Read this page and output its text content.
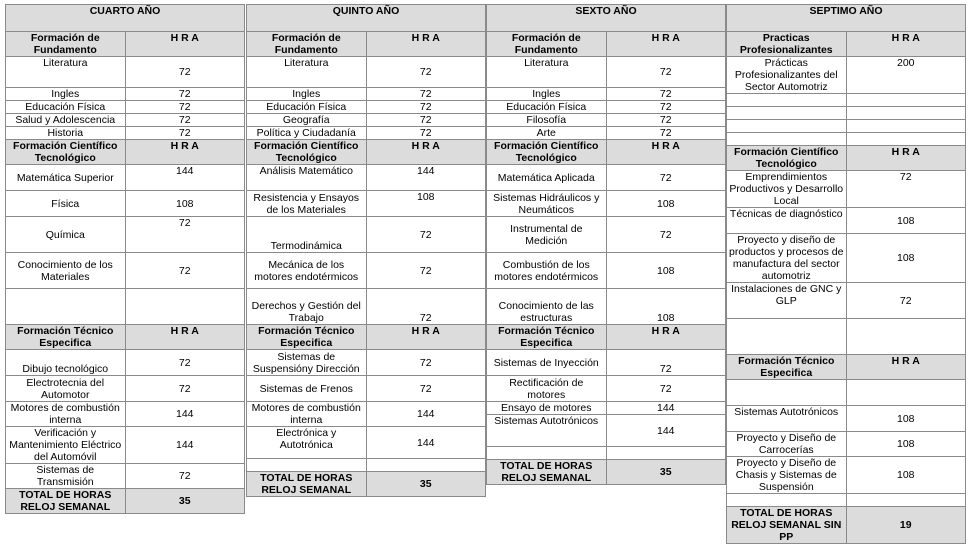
CUARTO AÑO	
Formación de Fundamento	H R A
Literatura	72
Ingles	72
Educación Física	72
Salud y Adolescencia	72
Historia	72
Formación Científico Tecnológico	H R A
Matemática Superior	144
Física	108
Química	72
Conocimiento de los Materiales	72

Formación Técnico Especifica	H R A
Dibujo tecnológico	72
Electrotecnia del Automotor	72
Motores de combustión interna	144
Verificación y Mantenimiento Eléctrico del Automóvil	144
Sistemas de Transmisión	72
TOTAL DE HORAS RELOJ SEMANAL	35
QUINTO AÑO	
Formación de Fundamento	H R A
Literatura	72
Ingles	72
Educación Física	72
Geografía	72
Política y Ciudadanía	72
Formación Científico Tecnológico	H R A
Análisis Matemático	144
Resistencia y Ensayos de los Materiales	108
Termodinámica	72
Mecánica de los motores endotérmicos	72
Derechos y Gestión del Trabajo	72
Formación Técnico Especifica	H R A
Sistemas de Suspensióny Dirección	72
Sistemas de Frenos	72
Motores de combustión interna	144
Electrónica y Autotrónica	144

TOTAL DE HORAS RELOJ SEMANAL	35
SEXTO AÑO	
Formación de Fundamento	H R A
Literatura	72
Ingles	72
Educación Física	72
Filosofía	72
Arte	72
Formación Científico Tecnológico	H R A
Matemática Aplicada	72
Sistemas Hidráulicos y Neumáticos	108
Instrumental de Medición	72
Combustión de los motores endotérmicos	108
Conocimiento de las estructuras	108
Formación Técnico Especifica	H R A
Sistemas de Inyección	72
Rectificación de motores	72
Ensayo de motores	144
Sistemas Autotrónicos	144

TOTAL DE HORAS RELOJ SEMANAL	35
SEPTIMO AÑO	
Practicas Profesionalizantes	H R A
Prácticas Profesionalizantes del Sector Automotriz	200

Formación Científico Tecnológico	H R A
Emprendimientos Productivos y Desarrollo Local	72
Técnicas de diagnóstico	108
Proyecto y diseño de productos y procesos de manufactura del sector automotriz	108
Instalaciones de GNC y GLP	72

Formación Técnico Especifica	H R A

Sistemas Autotrónicos	108
Proyecto y Diseño de Carrocerías	108
Proyecto y Diseño de Chasis y Sistemas de Suspensión	108

TOTAL DE HORAS RELOJ SEMANAL SIN PP	19
